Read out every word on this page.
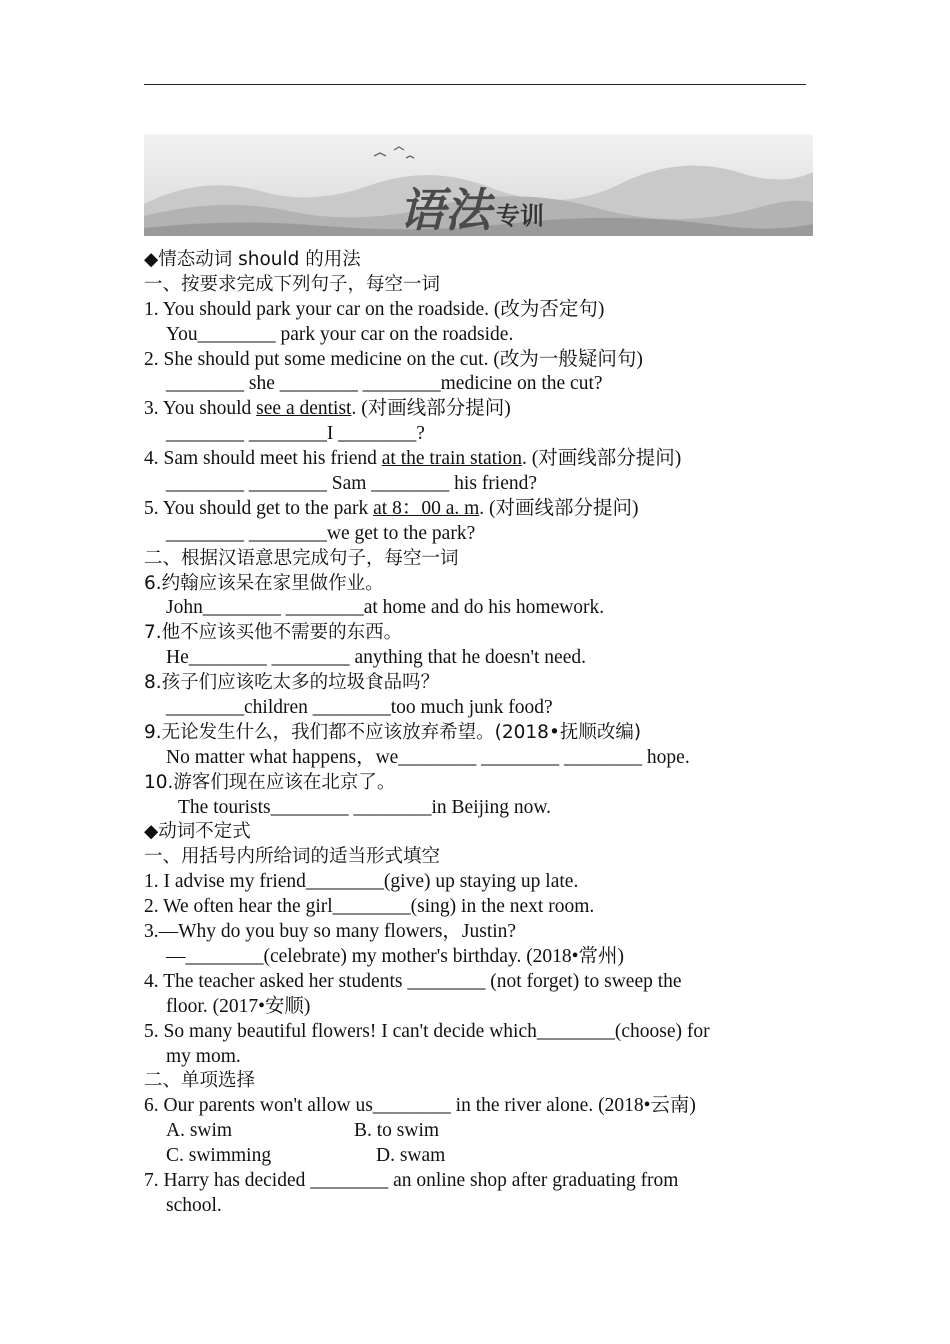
语法 专训
◆情态动词 should 的用法
一、按要求完成下列句子，每空一词
1. You should park your car on the roadside. (改为否定句)
You________ park your car on the roadside.
2. She should put some medicine on the cut. (改为一般疑问句)
________ she ________ ________medicine on the cut?
3. You should see a dentist. (对画线部分提问)
________ ________I ________?
4. Sam should meet his friend at the train station. (对画线部分提问)
________ ________ Sam ________ his friend?
5. You should get to the park at 8：00 a. m. (对画线部分提问)
________ ________we get to the park?
二、根据汉语意思完成句子，每空一词
6.约翰应该呆在家里做作业。
John________ ________at home and do his homework.
7.他不应该买他不需要的东西。
He________ ________ anything that he doesn't need.
8.孩子们应该吃太多的垃圾食品吗？
________children ________too much junk food?
9.无论发生什么，我们都不应该放弃希望。(2018•抚顺改编)
No matter what happens，we________ ________ ________ hope.
10.游客们现在应该在北京了。
The tourists________ ________in Beijing now.
◆动词不定式
一、用括号内所给词的适当形式填空
1. I advise my friend________(give) up staying up late.
2. We often hear the girl________(sing) in the next room.
3.—Why do you buy so many flowers，Justin?
—________(celebrate) my mother's birthday. (2018•常州)
4. The teacher asked her students ________ (not forget) to sweep the
floor. (2017•安顺)
5. So many beautiful flowers! I can't decide which________(choose) for
my mom.
二、单项选择
6. Our parents won't allow us________ in the river alone. (2018•云南)
A. swim	B. to swim
C. swimming	D. swam
7. Harry has decided ________ an online shop after graduating from
school.
